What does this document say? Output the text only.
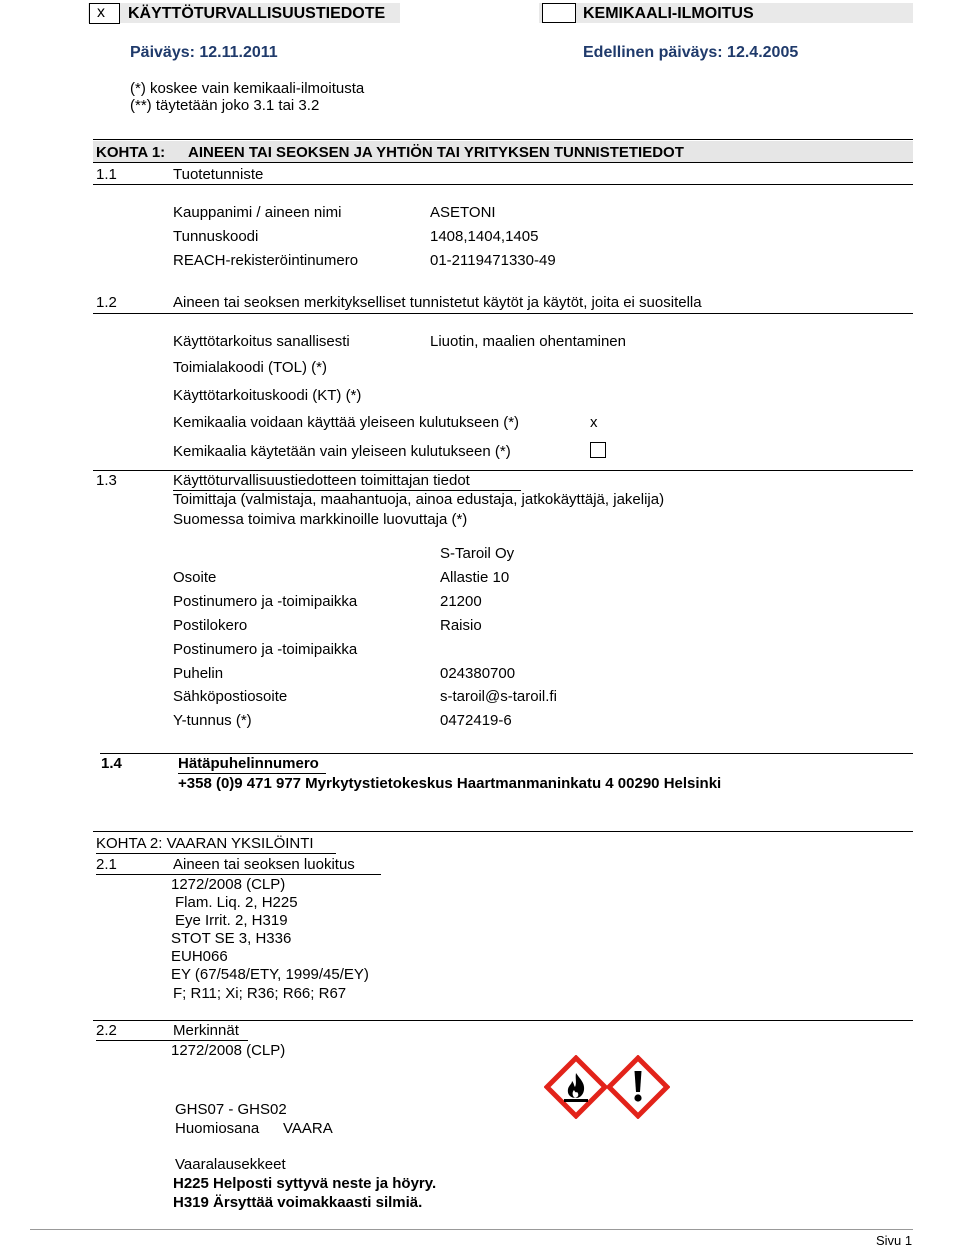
x KÄYTTÖTURVALLISUUSTIEDOTE	KEMIKAALI-ILMOITUS
Päiväys: 12.11.2011	Edellinen päiväys: 12.4.2005
(*) koskee vain kemikaali-ilmoitusta
(**) täytetään joko 3.1 tai 3.2
KOHTA 1: AINEEN TAI SEOKSEN JA YHTIÖN TAI YRITYKSEN TUNNISTETIEDOT
1.1	Tuotetunniste
Kauppanimi / aineen nimi	ASETONI
Tunnuskoodi	1408,1404,1405
REACH-rekisteröintinumero	01-2119471330-49
1.2	Aineen tai seoksen merkitykselliset tunnistetut käytöt ja käytöt, joita ei suositella
Käyttötarkoitus sanallisesti	Liuotin, maalien ohentaminen
Toimialakoodi (TOL) (*)
Käyttötarkoituskoodi (KT) (*)
Kemikaalia voidaan käyttää yleiseen kulutukseen (*)	x
Kemikaalia käytetään vain yleiseen kulutukseen (*)
1.3	Käyttöturvallisuustiedotteen toimittajan tiedot
Toimittaja (valmistaja, maahantuoja, ainoa edustaja, jatkokäyttäjä, jakelija)
Suomessa toimiva markkinoille luovuttaja (*)
S-Taroil Oy
Osoite	Allastie 10
Postinumero ja -toimipaikka	21200
Postilokero	Raisio
Postinumero ja -toimipaikka
Puhelin	024380700
Sähköpostiosoite	s-taroil@s-taroil.fi
Y-tunnus (*)	0472419-6
1.4	Hätäpuhelinnumero
+358 (0)9 471 977 Myrkytystietokeskus Haartmanmaninkatu 4 00290 Helsinki
KOHTA 2: VAARAN YKSILÖINTI
2.1	Aineen tai seoksen luokitus
1272/2008 (CLP)
Flam. Liq. 2, H225
Eye Irrit. 2, H319
STOT SE 3, H336
EUH066
EY (67/548/ETY, 1999/45/EY)
F; R11; Xi; R36; R66; R67
2.2	Merkinnät
1272/2008 (CLP)
GHS07 - GHS02
Huomiosana VAARA
Vaaralausekkeet
H225 Helposti syttyvä neste ja höyry.
H319 Ärsyttää voimakkaasti silmiä.
Sivu 1
